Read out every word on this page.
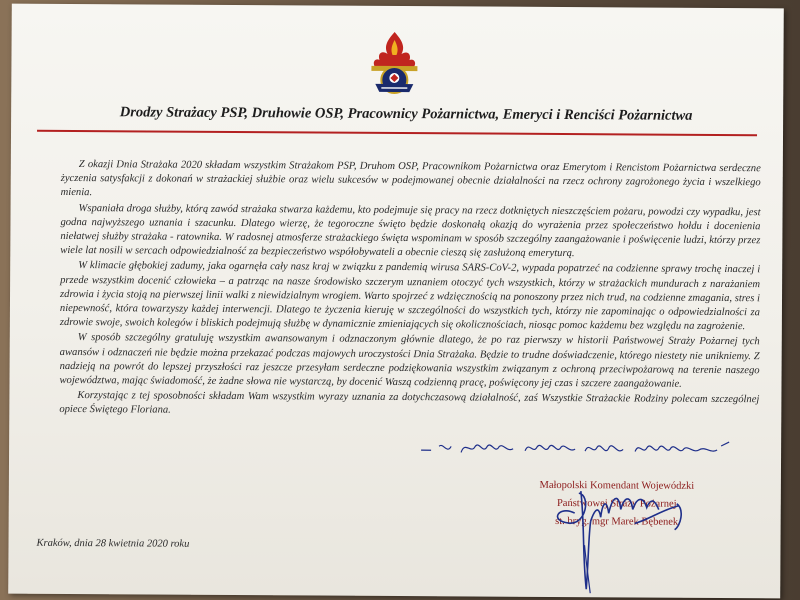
Drodzy Strażacy PSP, Druhowie OSP, Pracownicy Pożarnictwa, Emeryci i Renciści Pożarnictwa

Z okazji Dnia Strażaka 2020 składam wszystkim Strażakom PSP, Druhom OSP, Pracownikom Pożarnictwa oraz Emerytom i Rencistom Pożarnictwa serdeczne życzenia satysfakcji z dokonań w strażackiej służbie oraz wielu sukcesów w podejmowanej obecnie działalności na rzecz ochrony zagrożonego życia i wszelkiego mienia.

Wspaniała droga służby, którą zawód strażaka stwarza każdemu, kto podejmuje się pracy na rzecz dotkniętych nieszczęściem pożaru, powodzi czy wypadku, jest godna najwyższego uznania i szacunku. Dlatego wierzę, że tegoroczne święto będzie doskonałą okazją do wyrażenia przez społeczeństwo hołdu i docenienia niełatwej służby strażaka - ratownika. W radosnej atmosferze strażackiego święta wspominam w sposób szczególny zaangażowanie i poświęcenie ludzi, którzy przez wiele lat nosili w sercach odpowiedzialność za bezpieczeństwo współobywateli a obecnie cieszą się zasłużoną emeryturą.

W klimacie głębokiej zadumy, jaka ogarnęła cały nasz kraj w związku z pandemią wirusa SARS-CoV-2, wypada popatrzeć na codzienne sprawy trochę inaczej i przede wszystkim docenić człowieka – a patrząc na nasze środowisko szczerym uznaniem otoczyć tych wszystkich, którzy w strażackich mundurach z narażaniem zdrowia i życia stoją na pierwszej linii walki z niewidzialnym wrogiem. Warto spojrzeć z wdzięcznością na ponoszony przez nich trud, na codzienne zmagania, stres i niepewność, która towarzyszy każdej interwencji. Dlatego te życzenia kieruję w szczególności do wszystkich tych, którzy nie zapominając o odpowiedzialności za zdrowie swoje, swoich kolegów i bliskich podejmują służbę w dynamicznie zmieniających się okolicznościach, niosąc pomoc każdemu bez względu na zagrożenie.

W sposób szczególny gratuluję wszystkim awansowanym i odznaczonym głównie dlatego, że po raz pierwszy w historii Państwowej Straży Pożarnej tych awansów i odznaczeń nie będzie można przekazać podczas majowych uroczystości Dnia Strażaka. Będzie to trudne doświadczenie, którego niestety nie unikniemy. Z nadzieją na powrót do lepszej przyszłości raz jeszcze przesyłam serdeczne podziękowania wszystkim związanym z ochroną przeciwpożarową na terenie naszego województwa, mając świadomość, że żadne słowa nie wystarczą, by docenić Waszą codzienną pracę, poświęcony jej czas i szczere zaangażowanie.

Korzystając z tej sposobności składam Wam wszystkim wyrazy uznania za dotychczasową działalność, zaś Wszystkie Strażackie Rodziny polecam szczególnej opiece Świętego Floriana.

Małopolski Komendant Wojewódzki
Państwowej Straży Pożarnej
st. bryg. mgr Marek Bębenek
Kraków, dnia 28 kwietnia 2020 roku
